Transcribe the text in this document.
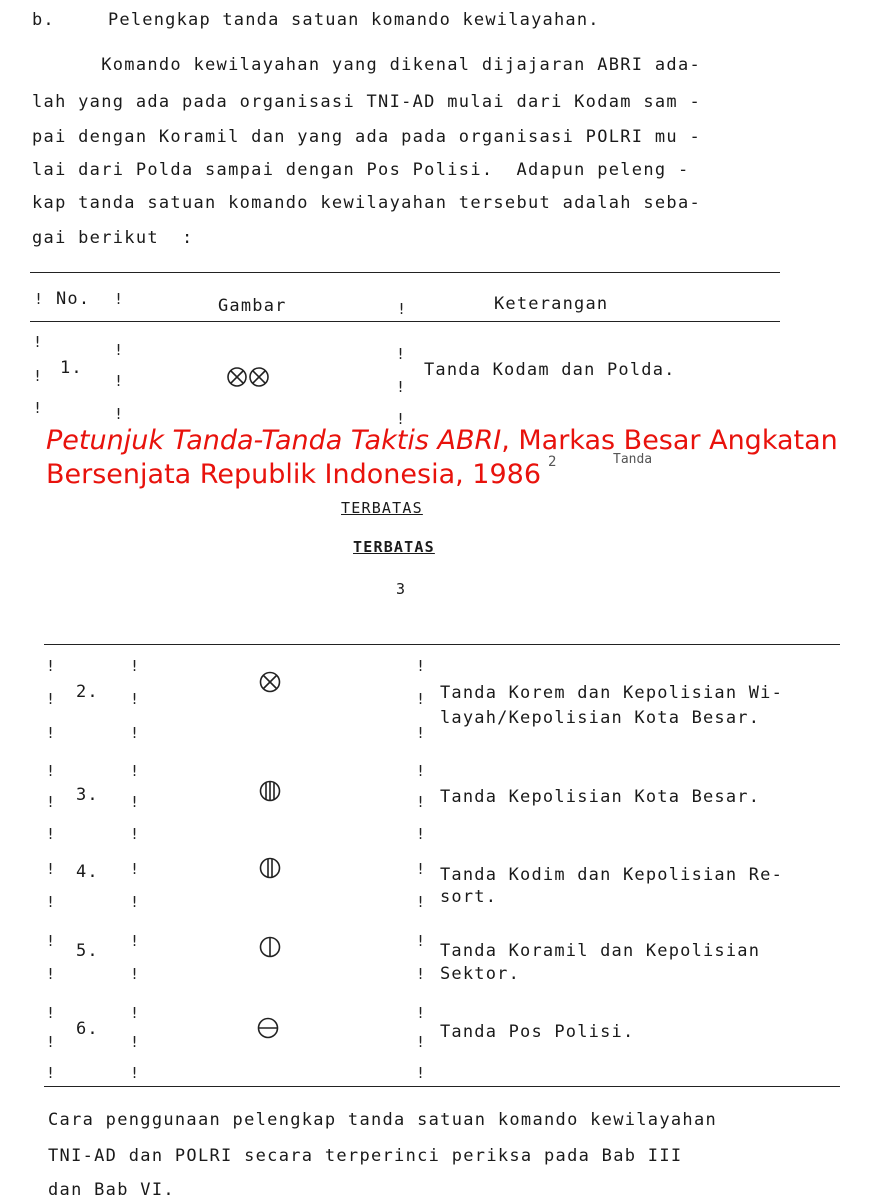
b.	Pelengkap tanda satuan komando kewilayahan.
Komando kewilayahan yang dikenal dijajaran ABRI ada-
lah yang ada pada organisasi TNI-AD mulai dari Kodam sam -
pai dengan Koramil dan yang ada pada organisasi POLRI mu -
lai dari Polda sampai dengan Pos Polisi.  Adapun peleng -
kap tanda satuan komando kewilayahan tersebut adalah seba-
gai berikut  :
! No. !	Gambar	!	Keterangan
!
!
!
!
!
!
!
!
!
1.	Tanda Kodam dan Polda.
2	Tanda
Petunjuk Tanda-Tanda Taktis ABRI, Markas Besar Angkatan Bersenjata Republik Indonesia, 1986
TERBATAS
TERBATAS
3
!
!
!
!
!
!
!
!
!
2.	Tanda Korem dan Kepolisian Wi-
layah/Kepolisian Kota Besar.
!
!
!
!
!
!
!
!
!
3.	Tanda Kepolisian Kota Besar.
!
!
!
!
!
!
4.	Tanda Kodim dan Kepolisian Re-
sort.
!
!
!
!
!
!
5.	Tanda Koramil dan Kepolisian
Sektor.
!
!
!
!
!
!
!
!
!
6.	Tanda Pos Polisi.
Cara penggunaan pelengkap tanda satuan komando kewilayahan
TNI-AD dan POLRI secara terperinci periksa pada Bab III
dan Bab VI.
